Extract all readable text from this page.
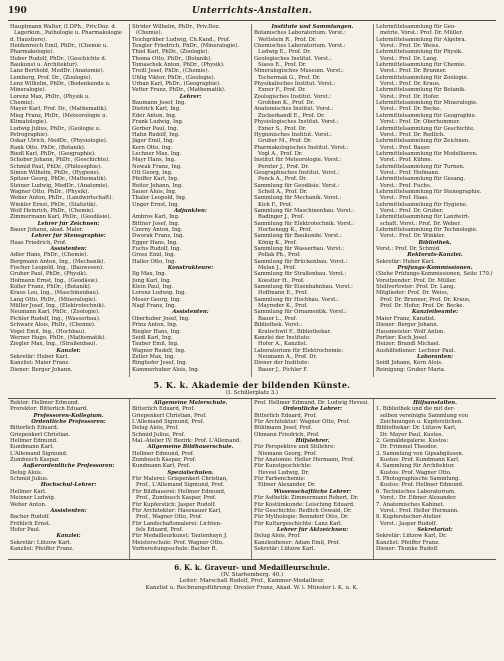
190	Unterrichts-Anstalten.
Hauptmann Walter, (I.DPh., Priv.Doz. d.
Lagerkun., Pathologie u. Pharmakologie
d. Haustiere).
Heidenreich Emil, PhDr., (Chemie u.
Pharmakologie).
Huber Rudolf, PhDr., (Geschichte d.
Baukunst u. Architektur).
Lanz Berthold, MedDr. (Anatomie).
Lemberg, Prof. Dr., (Zoologie).
Lenz Wilhelm, PhDr., (Bodenkunde u.
Mineralogie).
Lorenz Max, PhDr., (Physik u.
Chemie).
Mayer Karl, Prof. Dr., (Mathematik).
Mieg Franz, PhDr., (Meteorologie u.
Klimatologie).
Ludwig Julius, PhDr., (Geologie u.
Petrographie).
Oskar Ulrich, MedDr., (Physiologie).
Rank Otto, PhDr., (Botanik).
Riedl Karl, PhDr., (Geographie).
Schober Johann, PhDr., (Geschichte).
Schmid Paul, PhDr., (Philosophie).
Simon Wilhelm, PhDr., (Hygiene).
Spitzer Georg, PhDr., (Mathematik).
Steiner Ludwig, MedDr., (Anatomie).
Wagner Otto, PhDr., (Physik).
Weber Anton, PhDr., (Landwirtschaft).
Winkler Ernst, PhDr., (Statistik).
Wolf Heinrich, PhDr., (Chemie).
Zimmermann Karl, PhDr., (Geodäsie).
Lehrer für Zeichnen:
Bauer Johann, akad. Maler.
Lehrer für Stenographie:
Haas Friedrich, Prof.
Assistenten:
Adler Hans, PhDr., (Chemie).
Bergmann Anton, Ing., (Mechanik).
Fischer Leopold, Ing., (Bauwesen).
Gruber Paul, PhDr., (Physik).
Hofmann Ernst, Ing., (Geodäsie).
Koller Franz, PhDr., (Botanik).
Kraus Leo, Ing., (Maschinenbau).
Lang Otto, PhDr., (Mineralogie).
Müller Josef, Ing., (Elektrotechnik).
Neumann Karl, PhDr., (Zoologie).
Pichler Rudolf, Ing., (Wasserbau).
Schwarz Alois, PhDr., (Chemie).
Vogel Emil, Ing., (Hochbau).
Werner Hugo, PhDr., (Mathematik).
Ziegler Max, Ing., (Straßenbau).
Kanzlei:
Sekretär: Huber Karl.
Kanzlist: Maier Franz.
Diener: Berger Johann.
Strider Wilhelm, PhDr., Priv.Doz.
(Chemie).
Teichgräber Ludwig, Ch.Kand., Prof.
Tengler Friedrich, PhDr., (Mineralogie).
Thiel Karl, PhDr., (Zoologie).
Thoma Otto, PhDr., (Botanik).
Tomaschek Anton, PhDr., (Physik).
Treitl Josef, PhDr., (Chemie).
Uhlig Viktor, PhDr., (Geologie).
Urban Karl, PhDr., (Geographie).
Vetter Franz, PhDr., (Mathematik).
Lehrer:
Baumann Josef, Ing.
Dietrich Karl, Ing.
Eder Anton, Ing.
Frank Ludwig, Ing.
Gerber Paul, Ing.
Hahn Rudolf, Ing.
Jäger Emil, Ing.
Kern Otto, Ing.
Lechner Max, Ing.
Mayr Hans, Ing.
Nowak Franz, Ing.
Ott Georg, Ing.
Pfeiffer Karl, Ing.
Reiter Johann, Ing.
Sauer Alois, Ing.
Thaler Leopold, Ing.
Unger Ernst, Ing.
Adjunkten:
Ambros Karl, Ing.
Bittner Josef, Ing.
Czerny Anton, Ing.
Dworak Franz, Ing.
Egger Hans, Ing.
Fuchs Rudolf, Ing.
Gross Emil, Ing.
Haller Otto, Ing.
Konstrukteure:
Ilg Max, Ing.
Jung Karl, Ing.
Klein Paul, Ing.
Lorenz Ludwig, Ing.
Moser Georg, Ing.
Nagl Franz, Ing.
Assistenten:
Oberhuber Josef, Ing.
Prinz Anton, Ing.
Riegler Hans, Ing.
Seidl Karl, Ing.
Tauber Emil, Ing.
Wagner Rudolf, Ing.
Zeller Max, Ing.
Ringhofer Josef, Ing.
Kammerhuber Alois, Ing.
Institute und Sammlungen.
Botanisches Laboratorium. Vorst.:
Wettstein R., Prof. Dr.
Chemisches Laboratorium. Vorst.:
Ludwig E., Prof. Dr.
Geologisches Institut. Vorst.:
Suess E., Prof. Dr.
Mineralogisches Museum. Vorst.:
Tschermak G., Prof. Dr.
Physikalisches Institut. Vorst.:
Exner F., Prof. Dr.
Zoologisches Institut. Vorst.:
Grobben K., Prof. Dr.
Anatomisches Institut. Vorst.:
Zuckerkandl E., Prof. Dr.
Physiologisches Institut. Vorst.:
Exner S., Prof. Dr.
Hygienisches Institut. Vorst.:
Gruber M., Prof. Dr.
Pharmakologisches Institut. Vorst.:
Vogl A., Prof. Dr.
Institut für Meteorologie. Vorst.:
Pernter J., Prof. Dr.
Geographisches Institut. Vorst.:
Penck A., Prof. Dr.
Sammlung für Geodäsie. Vorst.:
Schell A., Prof. Dr.
Sammlung für Mechanik. Vorst.:
Kick F., Prof.
Sammlung für Maschinenbau. Vorst.:
Radinger J., Prof.
Sammlung für Elektrotechnik. Vorst.:
Hochenegg K., Prof.
Sammlung für Baukunde. Vorst.:
König K., Prof.
Sammlung für Wasserbau. Vorst.:
Pollak Ph., Prof.
Sammlung für Brückenbau. Vorst.:
Melan J., Prof.
Sammlung für Straßenbau. Vorst.:
Koestler H., Prof.
Sammlung für Eisenbahnbau. Vorst.:
Hoffmann E., Prof.
Sammlung für Hochbau. Vorst.:
Mayreder K., Prof.
Sammlung für Ornamentik. Vorst.:
Bauer L., Prof.
Bibliothek. Vorst.:
Kratochwil F., Bibliothekar.
Kanzlei der Institute:
Hofer A., Kanzlist.
Laboratorium für Elektrochemie:
Neumann A., Prof. Dr.
Diener der Institute:
Bauer J., Pichler F.
Lehrmittelsammlung für Geo-
metrie. Vorst.: Prof. Dr. Müller.
Lehrmittelsammlung für Algebra.
Vorst.: Prof. Dr. Weiss.
Lehrmittelsammlung für Physik.
Vorst.: Prof. Dr. Lang.
Lehrmittelsammlung für Chemie.
Vorst.: Prof. Dr. Brunner.
Lehrmittelsammlung für Zoologie.
Vorst.: Prof. Dr. Kraus.
Lehrmittelsammlung für Botanik.
Vorst.: Prof. Dr. Hofer.
Lehrmittelsammlung für Mineralogie.
Vorst.: Prof. Dr. Becke.
Lehrmittelsammlung für Geographie.
Vorst.: Prof. Dr. Oberhummer.
Lehrmittelsammlung für Geschichte.
Vorst.: Prof. Dr. Redlich.
Lehrmittelsammlung für Zeichnen.
Vorst.: Prof. Bauer.
Lehrmittelsammlung für Modellieren.
Vorst.: Prof. Kühne.
Lehrmittelsammlung für Turnen.
Vorst.: Prof. Hofmann.
Lehrmittelsammlung für Gesang.
Vorst.: Prof. Fuchs.
Lehrmittelsammlung für Stenographie.
Vorst.: Prof. Haas.
Lehrmittelsammlung für Hygiene.
Vorst.: Prof. Dr. Gruber.
Lehrmittelsammlung für Landwirt-
schaft. Vorst.: Prof. Dr. Weber.
Lehrmittelsammlung für Technologie.
Vorst.: Prof. Dr. Winkler.
Bibliothek.
Vorst.: Prof. Dr. Schmid.
Rektorats-Kanzlei.
Sekretär: Huber Karl.
Prüfungs-Kommissionen.
(Siehe Prüfungs-Kommissionen, Seite 170.)
Vorsitzender: Prof. Dr. Müller.
Stellvertreter: Prof. Dr. Lang.
Mitglieder: Prof. Dr. Weiss,
Prof. Dr. Brunner, Prof. Dr. Kraus,
Prof. Dr. Hofer, Prof. Dr. Becke.
Kanzleibeamte:
Maier Franz, Kanzlist.
Diener: Berger Johann.
Hausmeister: Wolf Anton.
Portier: Koch Josef.
Heizer: Brandl Michael.
Aushilfsdiener: Lechner Paul.
Laboranten:
Seidl Johann, Kern Alois.
Reinigung: Gruber Maria.
5. K. k. Akademie der bildenden Künste.
(I. Schillerplatz 3.)
Rektor: Hellmer Edmund.
Prorektor: Bitterlich Eduard.
Professoren-Kollegium.
Ordentliche Professoren:
Bitterlich Eduard.
Griepenkerl Christian.
Hellmer Edmund.
Kundmann Karl.
L'Allemand Sigmund.
Zumbusch Kaspar.
Außerordentliche Professoren:
Delug Alois.
Schmid Julius.
Hochschul-Lehrer:
Hellmer Karl.
Meixner Ludwig.
Weber Anton.
Assistenten:
Bacher Rudolf.
Fröhlich Ernst.
Hofer Paul.
Kanzlei:
Sekretär: Lützow Karl.
Kanzlist: Pfeiffer Franz.
Allgemeine Malerschule.
Bitterlich Eduard, Prof.
Griepenkerl Christian, Prof.
L'Allemand Sigmund, Prof.
Delug Alois, Prof.
Schmid Julius, Prof.
Mal.-Atelier IV. Bezirk: Prof. L'Allemand.
Allgemeine Bildhauerschule.
Hellmer Edmund, Prof.
Zumbusch Kaspar, Prof.
Kundmann Karl, Prof.
Spezialschulen.
Für Malerei: Griepenkerl Christian,
Prof., L'Allemand Sigmund, Prof.
Für Bildhauerei: Hellmer Edmund,
Prof., Zumbusch Kaspar, Prof.
Für Kupferstich: Jasper Rudolf.
Für Architektur: Hasenauer Karl,
Prof., Wagner Otto, Prof.
Für Landschaftsmalerei: Lichten-
fels Eduard, Prof.
Für Medailleurkunst: Tautenhayn J.
Meisterschule: Prof. Wagner Otto.
Vorbereitungsschule: Bacher R.
Prof. Hellmer Edmund, Dr. Ludwig Hevesi.
Ordentliche Lehrer:
Bitterlich Eduard, Prof.
Für Architektur: Wagner Otto, Prof.
Bühlmann Josef, Prof.
Ohmann Friedrich, Prof.
Hilfslehrer.
Für Perspektive und Stillehre:
Niemann Georg, Prof.
Für Anatomie: Heller Hermann, Prof.
Für Kunstgeschichte:
Hevesi Ludwig, Dr.
Für Farbenchemie:
Eibner Alexander, Dr.
Wissenschaftliche Lehrer:
Für Ästhetik: Zimmermann Robert, Dr.
Für Kostümkunde: Leisching Eduard.
Für Geschichte: Redlich Oswald, Dr.
Für Mythologie: Benndorf Otto, Dr.
Für Kulturgeschichte: Lanz Karl.
Lehrer für Aktzeichnen:
Delug Alois, Prof.
Kanzleidiener: Adam Emil, Prof.
Sekretär: Lützow Karl.
Hilfsanstalten.
1. Bibliothek und die mit der-
selben vereinigte Sammlung von
Zeichnungen u. Kupferstichen.
Bibliothekar: Dr. Lützow Karl,
Dr. Mayer Paul, Kustos.
2. Gemäldegalerie. Kustos:
Dr. Frimmel Theodor.
3. Sammlung von Gipsabgüssen.
Kustos: Prof. Kundmann Karl.
4. Sammlung für Architektur.
Kustos: Prof. Wagner Otto.
5. Photographische Sammlung.
Kustos: Prof. Hellmer Edmund.
6. Technisches Laboratorium.
Vorst.: Dr. Eibner Alexander.
7. Anatomisches Kabinet.
Vorst.: Prof. Heller Hermann.
8. Kupferstecher-Atelier.
Vorst.: Jasper Rudolf.
Sekretariat:
Sekretär: Lützow Karl, Dr.
Kanzlist: Pfeiffer Franz.
Diener: Thunke Rudolf.
6. K. k. Graveur- und Medailleurschule.
(IV. Starhemberg. 40.)
Leiter: Marschall Rudolf, Prof., Kammer-Medailleur.
Kanzlist u. Rechnungsführung: Drexler Franz, Akad. W. i. Münster i. K. u. K.
